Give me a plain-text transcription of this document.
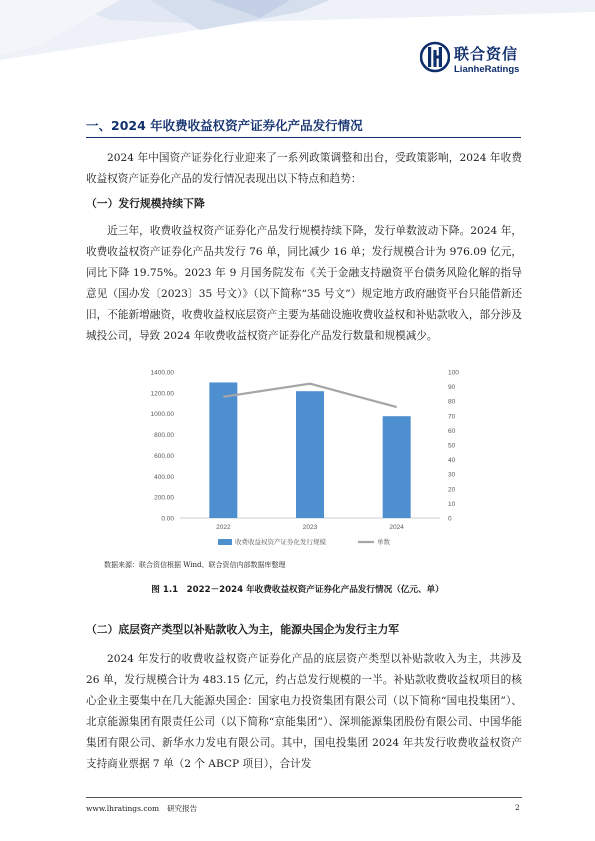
联合资信
LianheRatings
一、2024 年收费收益权资产证券化产品发行情况

2024 年中国资产证券化行业迎来了一系列政策调整和出台，受政策影响，2024 年收费收益权资产证券化产品的发行情况表现出以下特点和趋势：

（一）发行规模持续下降

近三年，收费收益权资产证券化产品发行规模持续下降，发行单数波动下降。2024 年，收费收益权资产证券化产品共发行 76 单，同比减少 16 单；发行规模合计为 976.09 亿元，同比下降 19.75%。2023 年 9 月国务院发布《关于金融支持融资平台债务风险化解的指导意见（国办发〔2023〕35 号文）》（以下简称“35 号文”）规定地方政府融资平台只能借新还旧，不能新增融资，收费收益权底层资产主要为基础设施收费收益权和补贴款收入，部分涉及城投公司，导致 2024 年收费收益权资产证券化产品发行数量和规模减少。

1400.00
1200.00
1000.00
800.00
600.00
400.00
200.00
0.00
100
90
80
70
60
50
40
30
20
10
0
2022	2023	2024
收费收益权资产证券化发行规模	单数
数据来源：联合资信根据 Wind、联合资信内部数据库整理
图 1.1　2022－2024 年收费收益权资产证券化产品发行情况（亿元、单）
（二）底层资产类型以补贴款收入为主，能源央国企为发行主力军

2024 年发行的收费收益权资产证券化产品的底层资产类型以补贴款收入为主，共涉及 26 单，发行规模合计为 483.15 亿元，约占总发行规模的一半。补贴款收费收益权项目的核心企业主要集中在几大能源央国企：国家电力投资集团有限公司（以下简称“国电投集团”）、北京能源集团有限责任公司（以下简称“京能集团”）、深圳能源集团股份有限公司、中国华能集团有限公司、新华水力发电有限公司。其中，国电投集团 2024 年共发行收费收益权资产支持商业票据 7 单（2 个 ABCP 项目），合计发

www.lhratings.com 研究报告	2
